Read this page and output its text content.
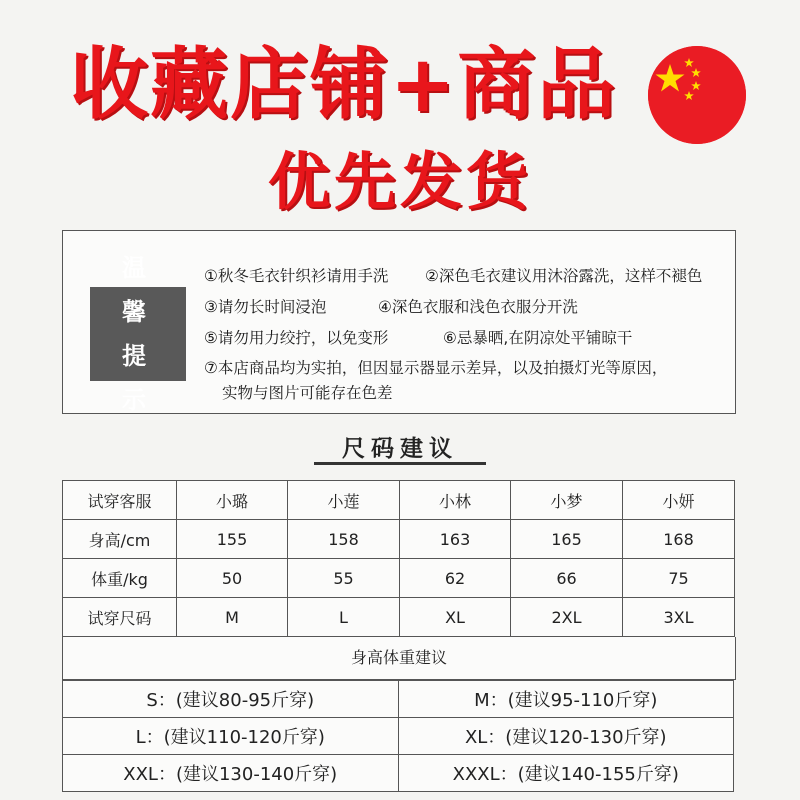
收藏店铺+商品
优先发货
温馨提示
①秋冬毛衣针织衫请用手洗 ②深色毛衣建议用沐浴露洗，这样不褪色
③请勿长时间浸泡	④深色衣服和浅色衣服分开洗
⑤请勿用力绞拧，以免变形	⑥忌暴晒,在阴凉处平铺晾干
⑦本店商品均为实拍，但因显示器显示差异，以及拍摄灯光等原因，
实物与图片可能存在色差
尺码建议
试穿客服	小璐	小莲	小林	小梦	小妍
身高/cm	155	158	163	165	168
体重/kg	50	55	62	66	75
试穿尺码	M	L	XL	2XL	3XL
身高体重建议
S：(建议80-95斤穿)	M：(建议95-110斤穿)
L：(建议110-120斤穿)	XL：(建议120-130斤穿)
XXL：(建议130-140斤穿)	XXXL：(建议140-155斤穿)
